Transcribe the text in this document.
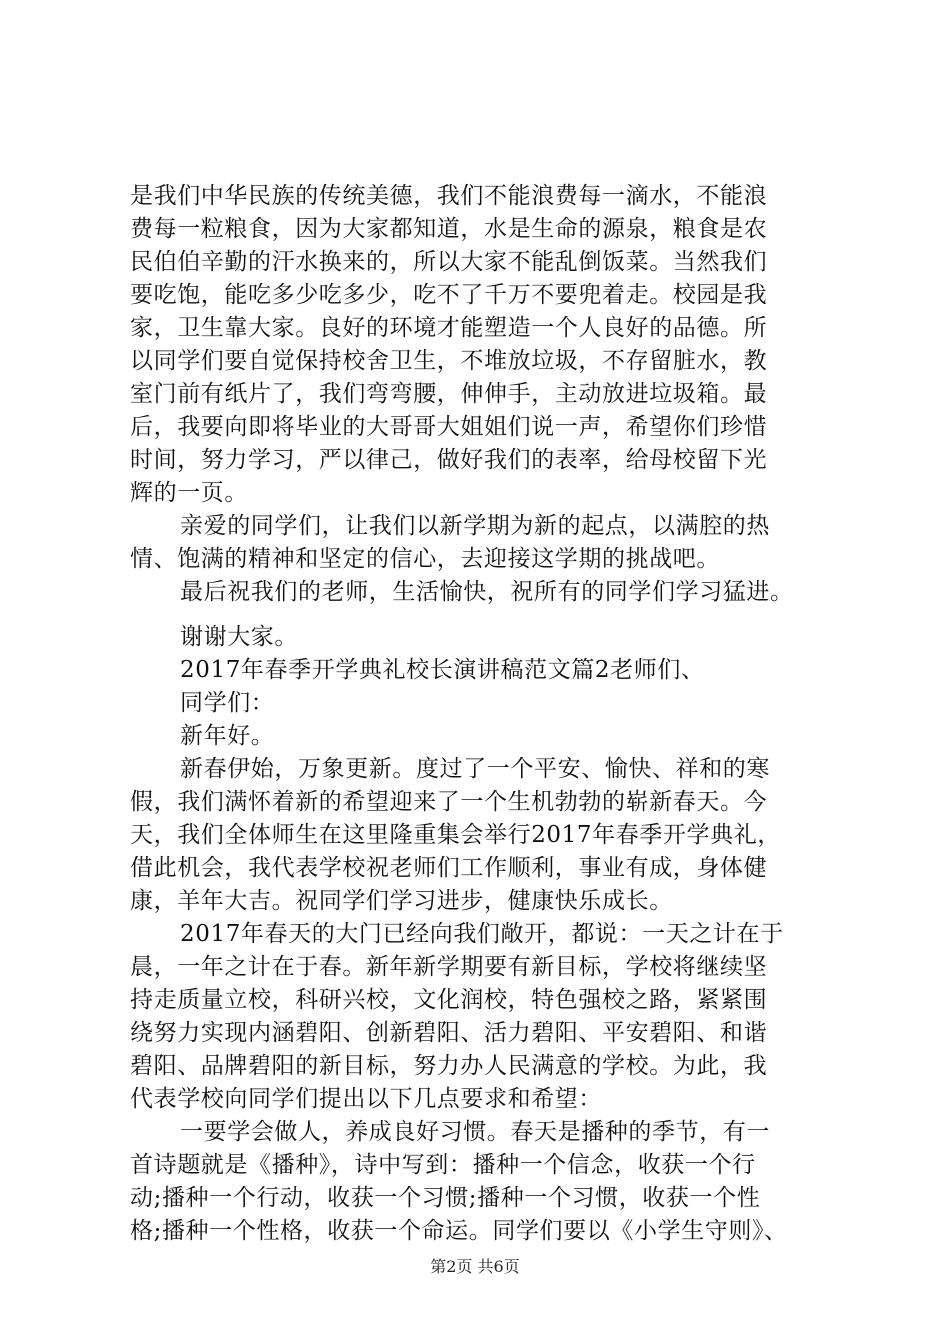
是我们中华民族的传统美德，我们不能浪费每一滴水，不能浪
费每一粒粮食，因为大家都知道，水是生命的源泉，粮食是农
民伯伯辛勤的汗水换来的，所以大家不能乱倒饭菜。当然我们
要吃饱，能吃多少吃多少，吃不了千万不要兜着走。校园是我
家，卫生靠大家。良好的环境才能塑造一个人良好的品德。所
以同学们要自觉保持校舍卫生，不堆放垃圾，不存留脏水，教
室门前有纸片了，我们弯弯腰，伸伸手，主动放进垃圾箱。最
后，我要向即将毕业的大哥哥大姐姐们说一声，希望你们珍惜
时间，努力学习，严以律己，做好我们的表率，给母校留下光
辉的一页。
亲爱的同学们，让我们以新学期为新的起点，以满腔的热
情、饱满的精神和坚定的信心，去迎接这学期的挑战吧。
最后祝我们的老师，生活愉快，祝所有的同学们学习猛进。
谢谢大家。
2017年春季开学典礼校长演讲稿范文篇2老师们、
同学们：
新年好。
新春伊始，万象更新。度过了一个平安、愉快、祥和的寒
假，我们满怀着新的希望迎来了一个生机勃勃的崭新春天。今
天，我们全体师生在这里隆重集会举行2017年春季开学典礼，
借此机会，我代表学校祝老师们工作顺利，事业有成，身体健
康，羊年大吉。祝同学们学习进步，健康快乐成长。
2017年春天的大门已经向我们敞开，都说：一天之计在于
晨，一年之计在于春。新年新学期要有新目标，学校将继续坚
持走质量立校，科研兴校，文化润校，特色强校之路，紧紧围
绕努力实现内涵碧阳、创新碧阳、活力碧阳、平安碧阳、和谐
碧阳、品牌碧阳的新目标，努力办人民满意的学校。为此，我
代表学校向同学们提出以下几点要求和希望：
一要学会做人，养成良好习惯。春天是播种的季节，有一
首诗题就是《播种》，诗中写到：播种一个信念，收获一个行
动;播种一个行动，收获一个习惯;播种一个习惯，收获一个性
格;播种一个性格，收获一个命运。同学们要以《小学生守则》、
第2页 共6页
